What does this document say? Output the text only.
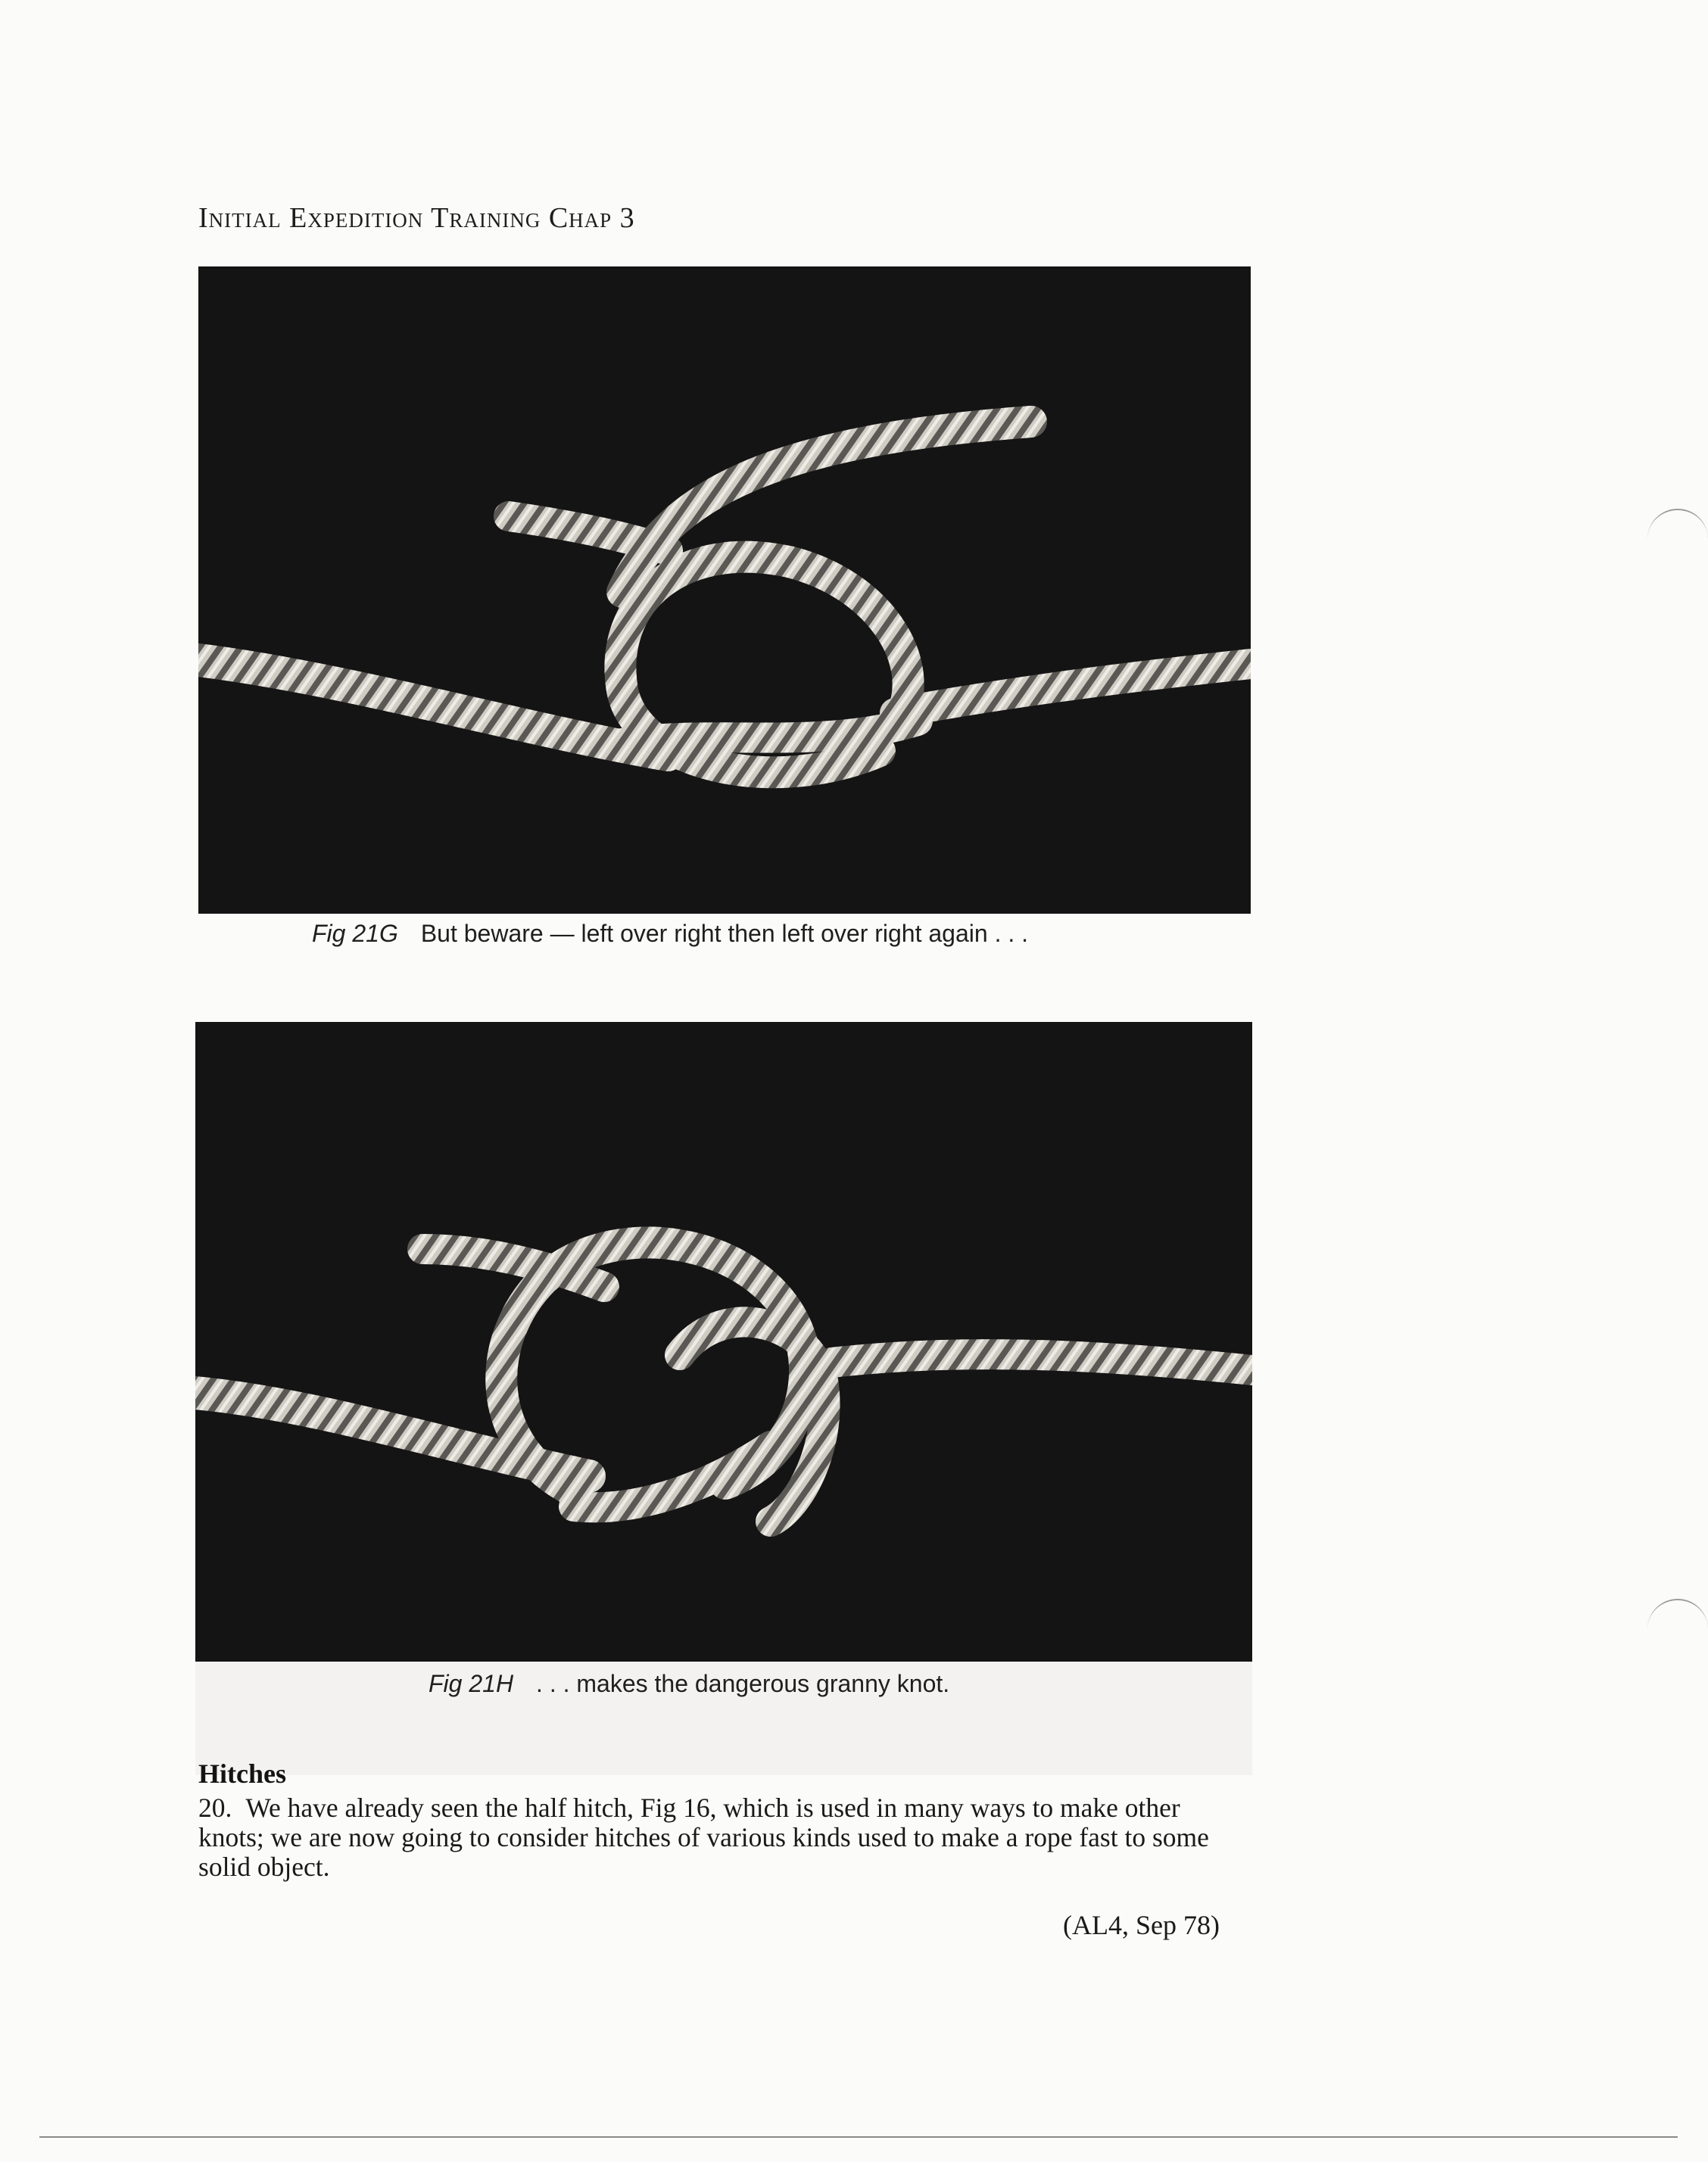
Initial Expedition Training Chap 3
Fig 21G But beware — left over right then left over right again . . .
Fig 21H . . . makes the dangerous granny knot.
Hitches
20. We have already seen the half hitch, Fig 16, which is used in many ways to make other knots; we are now going to consider hitches of various kinds used to make a rope fast to some solid object.
(AL4, Sep 78)
